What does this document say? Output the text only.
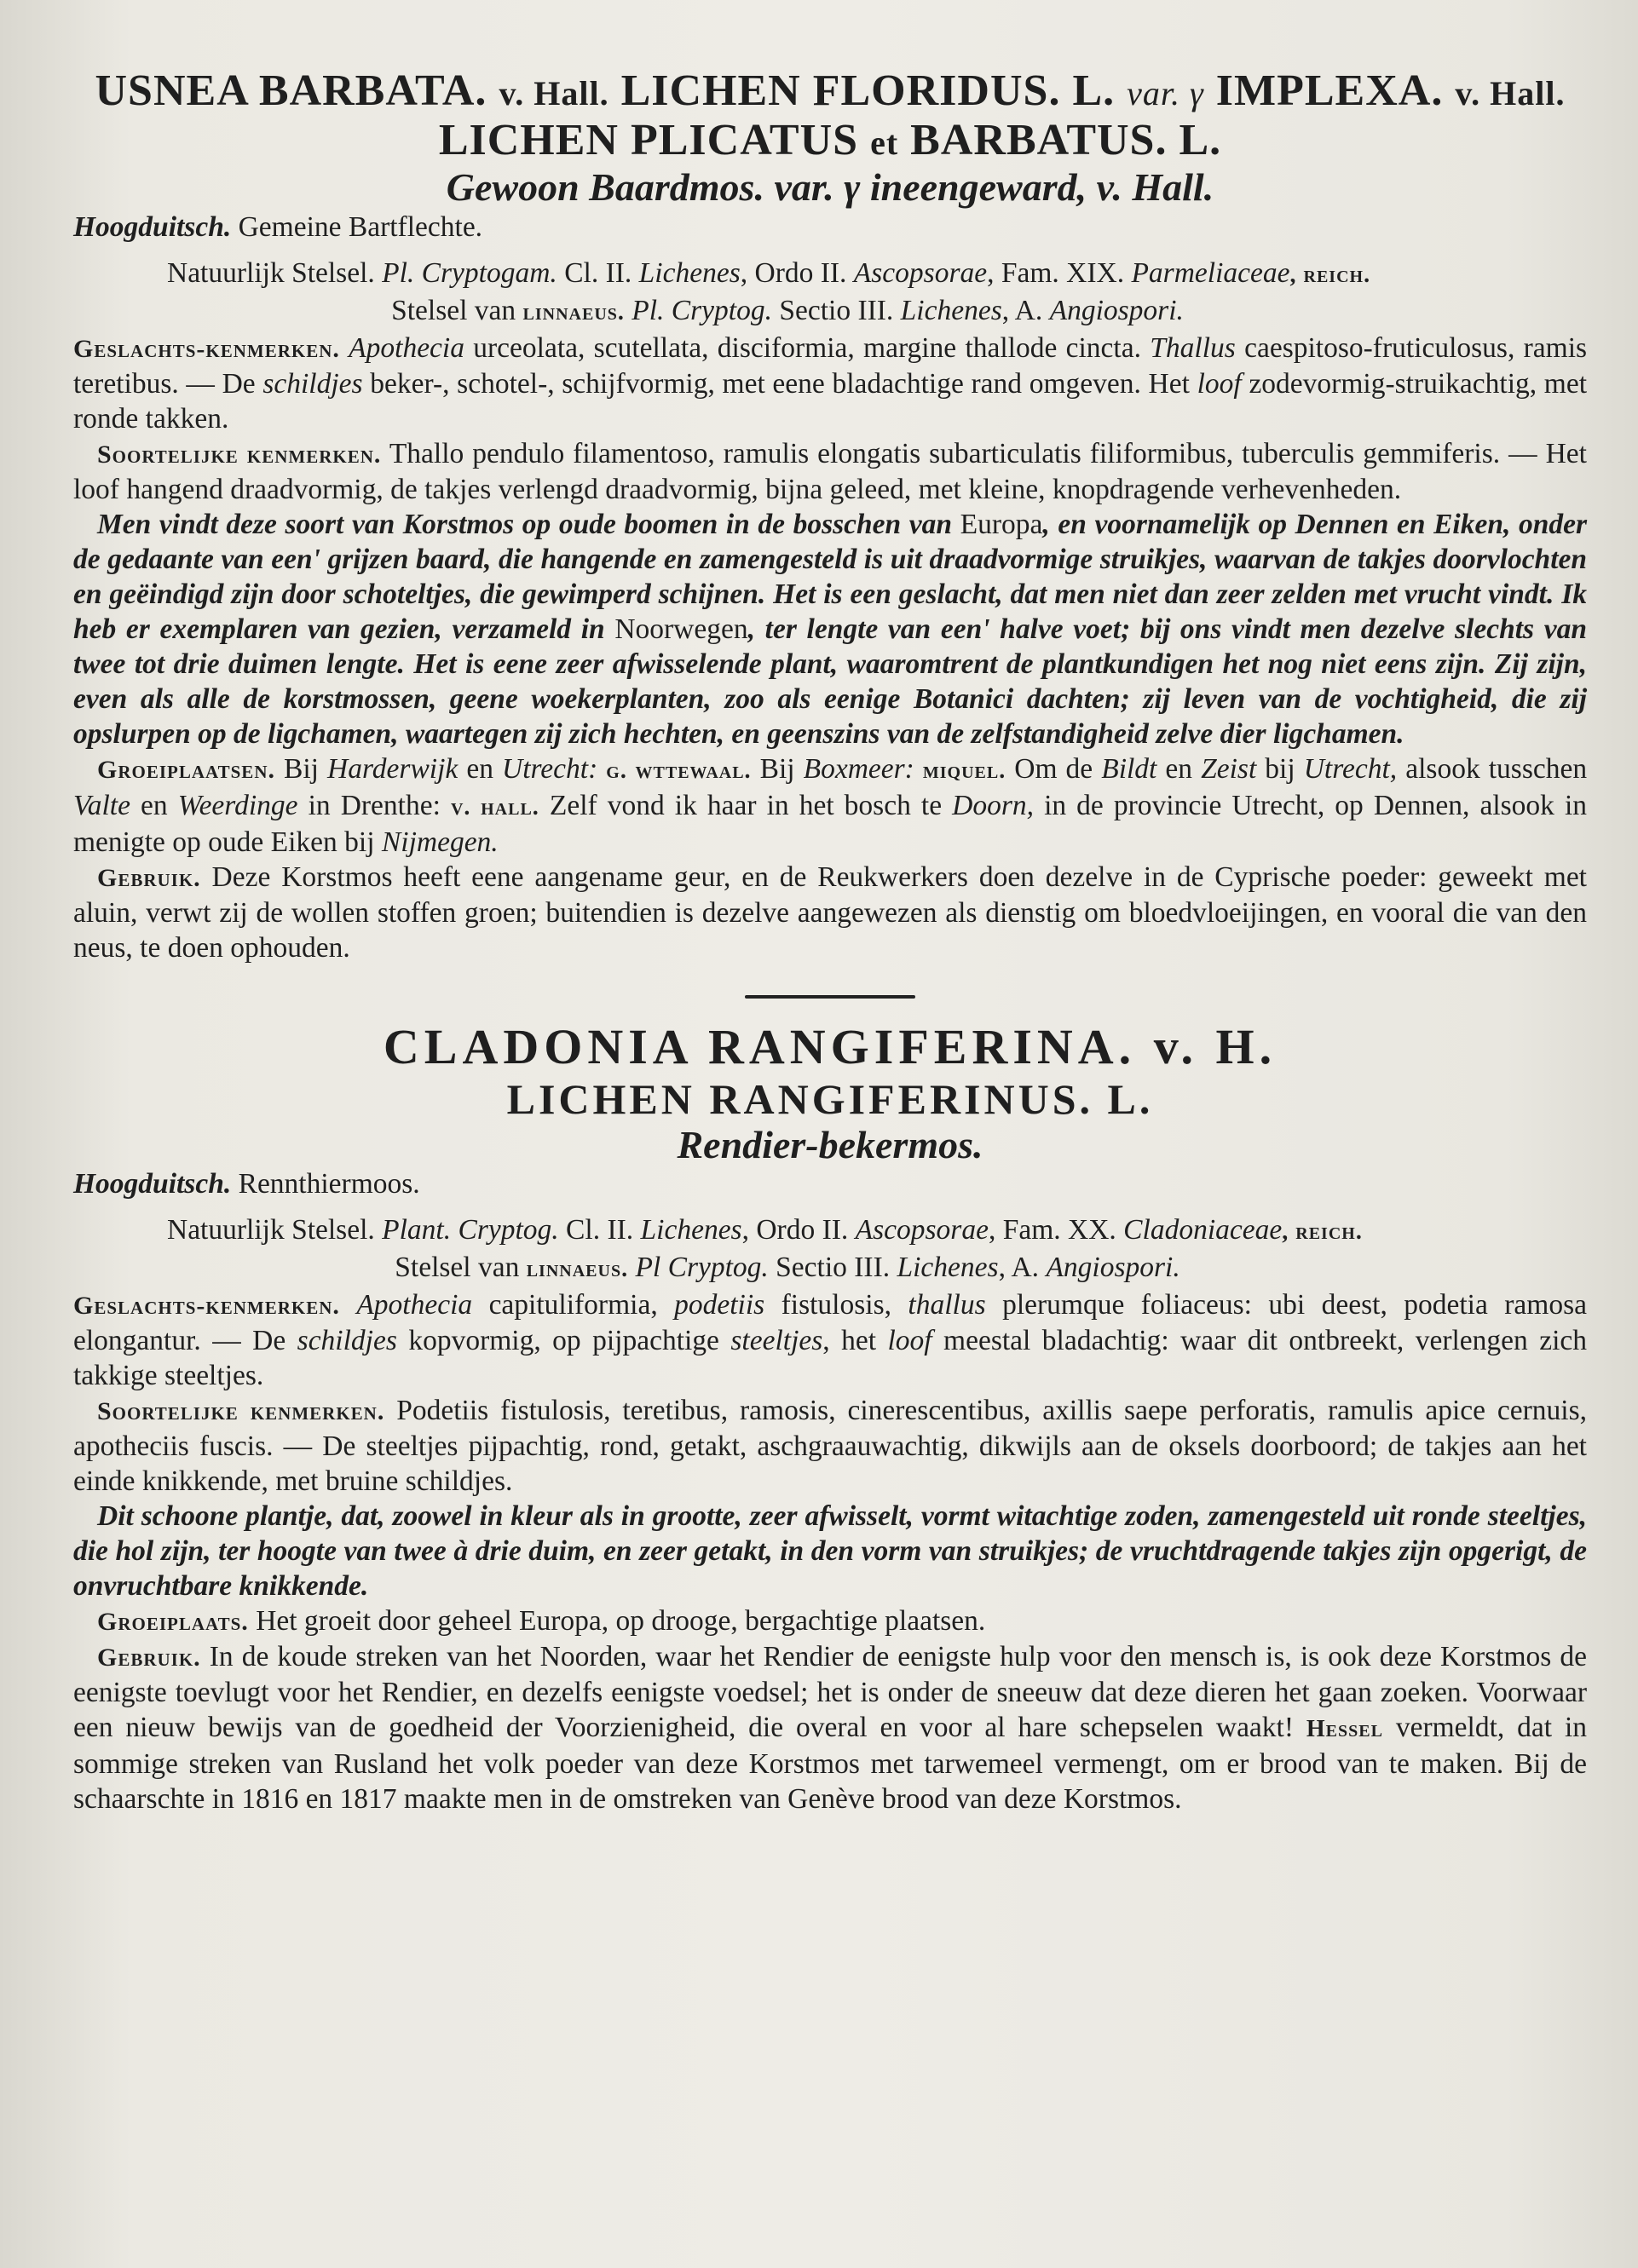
USNEA BARBATA. v. Hall. LICHEN FLORIDUS. L. var. γ IMPLEXA. v. Hall.
LICHEN PLICATUS et BARBATUS. L.
Gewoon Baardmos. var. γ ineengeward, v. Hall.

Hoogduitsch. Gemeine Bartflechte.

Natuurlijk Stelsel. Pl. Cryptogam. Cl. II. Lichenes, Ordo II. Ascopsorae, Fam. XIX. Parmeliaceae, reich.

Stelsel van linnaeus. Pl. Cryptog. Sectio III. Lichenes, A. Angiospori.

Geslachts-kenmerken. Apothecia urceolata, scutellata, disciformia, margine thallode cincta. Thallus caespitoso-fruticulosus, ramis teretibus. — De schildjes beker-, schotel-, schijfvormig, met eene bladachtige rand omgeven. Het loof zodevormig-struikachtig, met ronde takken.

Soortelijke kenmerken. Thallo pendulo filamentoso, ramulis elongatis subarticulatis filiformibus, tuberculis gemmiferis. — Het loof hangend draadvormig, de takjes verlengd draadvormig, bijna geleed, met kleine, knopdragende verhevenheden.

Men vindt deze soort van Korstmos op oude boomen in de bosschen van Europa, en voornamelijk op Dennen en Eiken, onder de gedaante van een' grijzen baard, die hangende en zamengesteld is uit draadvormige struikjes, waarvan de takjes doorvlochten en geëindigd zijn door schoteltjes, die gewimperd schijnen. Het is een geslacht, dat men niet dan zeer zelden met vrucht vindt. Ik heb er exemplaren van gezien, verzameld in Noorwegen, ter lengte van een' halve voet; bij ons vindt men dezelve slechts van twee tot drie duimen lengte. Het is eene zeer afwisselende plant, waaromtrent de plantkundigen het nog niet eens zijn. Zij zijn, even als alle de korstmossen, geene woekerplanten, zoo als eenige Botanici dachten; zij leven van de vochtigheid, die zij opslurpen op de ligchamen, waartegen zij zich hechten, en geenszins van de zelfstandigheid zelve dier ligchamen.

Groeiplaatsen. Bij Harderwijk en Utrecht: g. wttewaal. Bij Boxmeer: miquel. Om de Bildt en Zeist bij Utrecht, alsook tusschen Valte en Weerdinge in Drenthe: v. hall. Zelf vond ik haar in het bosch te Doorn, in de provincie Utrecht, op Dennen, alsook in menigte op oude Eiken bij Nijmegen.

Gebruik. Deze Korstmos heeft eene aangename geur, en de Reukwerkers doen dezelve in de Cyprische poeder: geweekt met aluin, verwt zij de wollen stoffen groen; buitendien is dezelve aangewezen als dienstig om bloedvloeijingen, en vooral die van den neus, te doen ophouden.

CLADONIA RANGIFERINA. v. H.
LICHEN RANGIFERINUS. L.
Rendier-bekermos.

Hoogduitsch. Rennthiermoos.

Natuurlijk Stelsel. Plant. Cryptog. Cl. II. Lichenes, Ordo II. Ascopsorae, Fam. XX. Cladoniaceae, reich.

Stelsel van linnaeus. Pl Cryptog. Sectio III. Lichenes, A. Angiospori.

Geslachts-kenmerken. Apothecia capituliformia, podetiis fistulosis, thallus plerumque foliaceus: ubi deest, podetia ramosa elongantur. — De schildjes kopvormig, op pijpachtige steeltjes, het loof meestal bladachtig: waar dit ontbreekt, verlengen zich takkige steeltjes.

Soortelijke kenmerken. Podetiis fistulosis, teretibus, ramosis, cinerescentibus, axillis saepe perforatis, ramulis apice cernuis, apotheciis fuscis. — De steeltjes pijpachtig, rond, getakt, aschgraauwachtig, dikwijls aan de oksels doorboord; de takjes aan het einde knikkende, met bruine schildjes.

Dit schoone plantje, dat, zoowel in kleur als in grootte, zeer afwisselt, vormt witachtige zoden, zamengesteld uit ronde steeltjes, die hol zijn, ter hoogte van twee à drie duim, en zeer getakt, in den vorm van struikjes; de vruchtdragende takjes zijn opgerigt, de onvruchtbare knikkende.

Groeiplaats. Het groeit door geheel Europa, op drooge, bergachtige plaatsen.

Gebruik. In de koude streken van het Noorden, waar het Rendier de eenigste hulp voor den mensch is, is ook deze Korstmos de eenigste toevlugt voor het Rendier, en dezelfs eenigste voedsel; het is onder de sneeuw dat deze dieren het gaan zoeken. Voorwaar een nieuw bewijs van de goedheid der Voorzienigheid, die overal en voor al hare schepselen waakt! Hessel vermeldt, dat in sommige streken van Rusland het volk poeder van deze Korstmos met tarwemeel vermengt, om er brood van te maken. Bij de schaarschte in 1816 en 1817 maakte men in de omstreken van Genève brood van deze Korstmos.
